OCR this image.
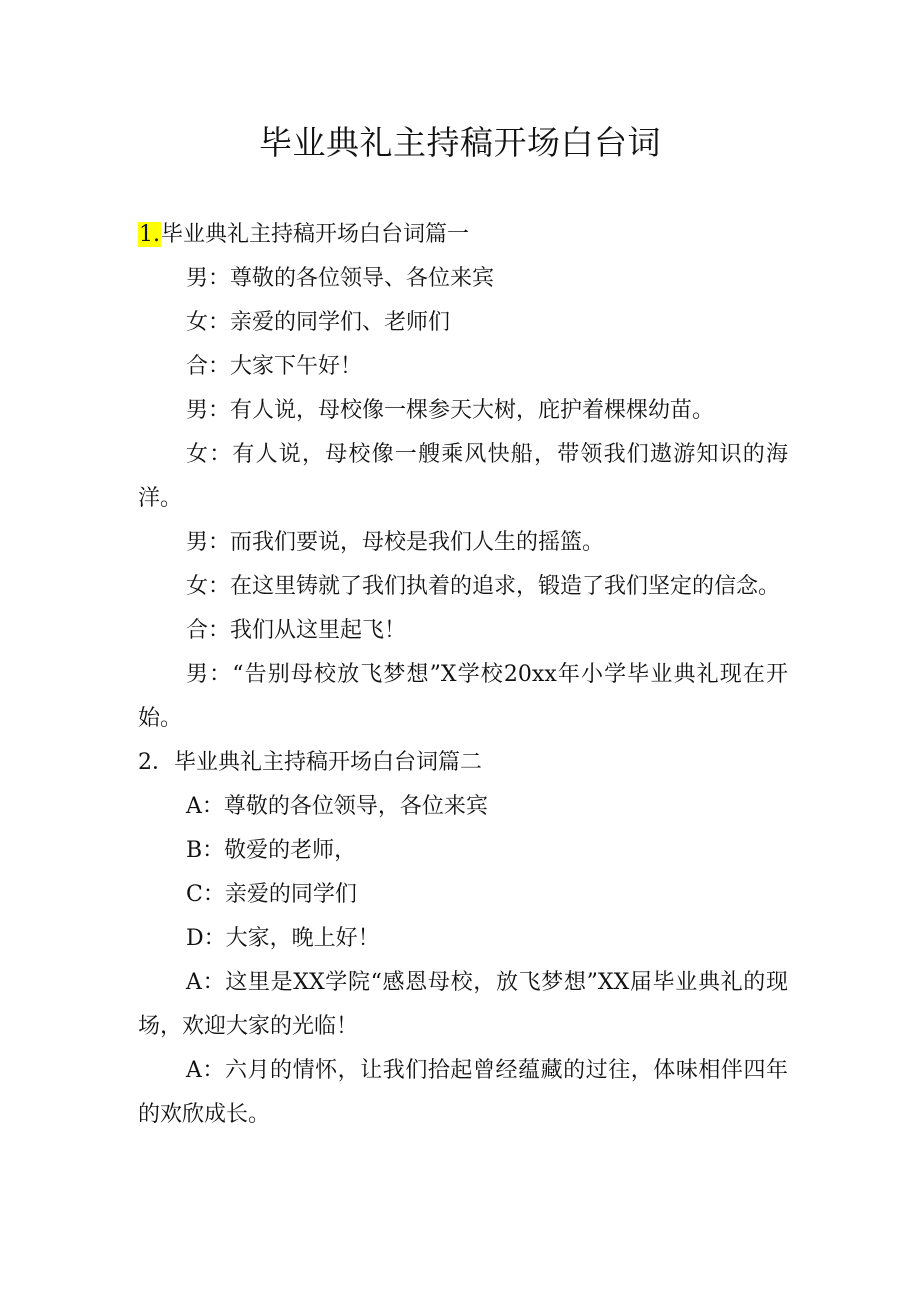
毕业典礼主持稿开场白台词
1.毕业典礼主持稿开场白台词篇一
男：尊敬的各位领导、各位来宾
女：亲爱的同学们、老师们
合：大家下午好！
男：有人说，母校像一棵参天大树，庇护着棵棵幼苗。
女：有人说，母校像一艘乘风快船，带领我们遨游知识的海洋。
男：而我们要说，母校是我们人生的摇篮。
女：在这里铸就了我们执着的追求，锻造了我们坚定的信念。
合：我们从这里起飞！
男：“告别母校放飞梦想”X学校20xx年小学毕业典礼现在开始。
2．毕业典礼主持稿开场白台词篇二
A：尊敬的各位领导，各位来宾
B：敬爱的老师，
C：亲爱的同学们
D：大家，晚上好！
A：这里是XX学院“感恩母校，放飞梦想”XX届毕业典礼的现场，欢迎大家的光临！
A：六月的情怀，让我们拾起曾经蕴藏的过往，体味相伴四年的欢欣成长。
